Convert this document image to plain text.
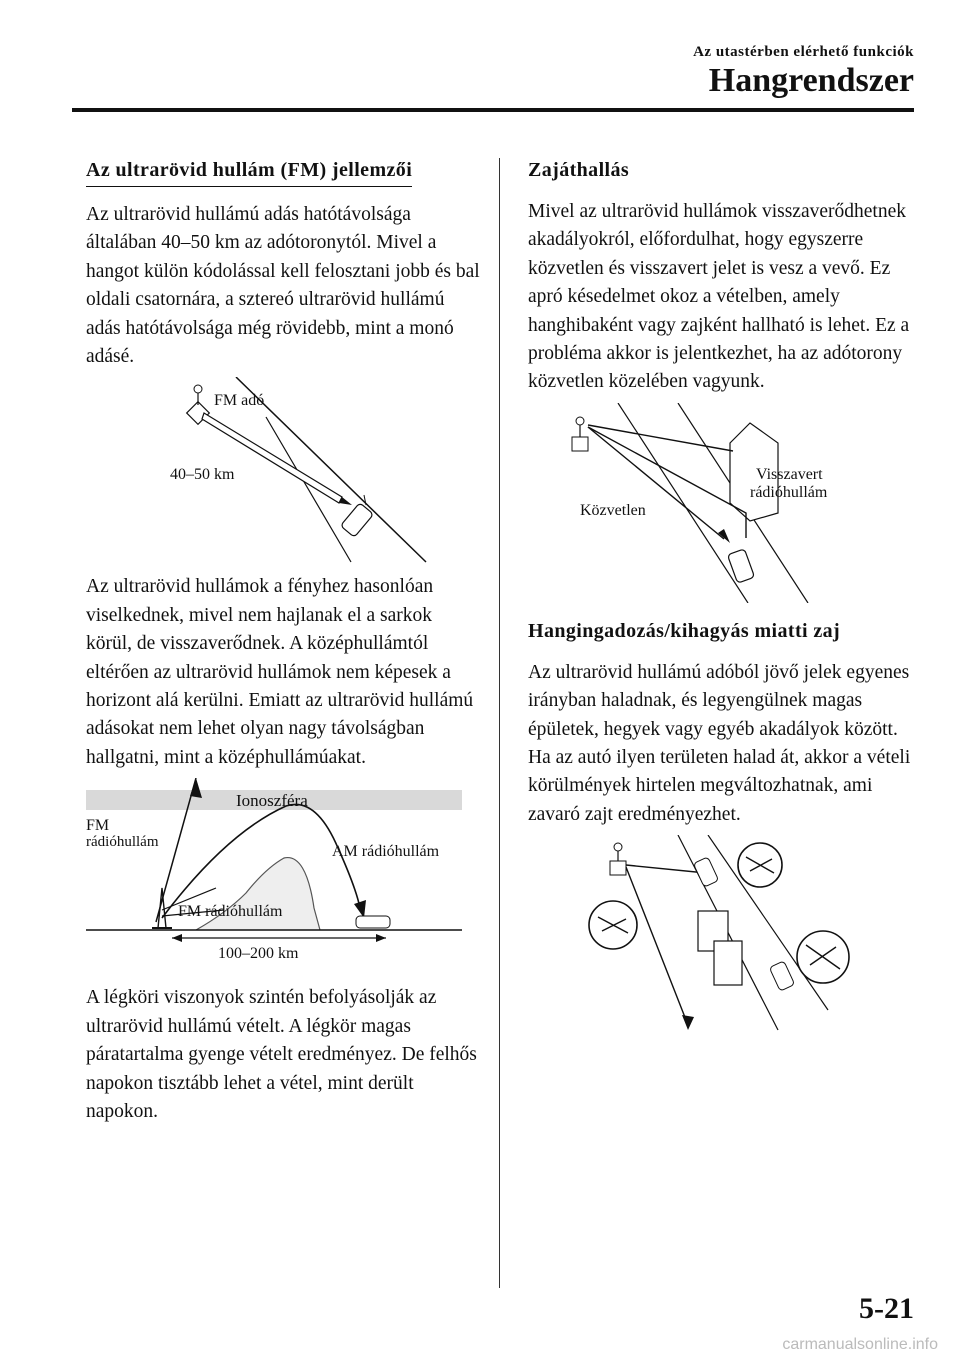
Az utastérben elérhető funkciók
Hangrendszer
Az ultrarövid hullám (FM) jellemzői

Az ultrarövid hullámú adás hatótávolsága általában 40–50 km az adótoronytól. Mivel a hangot külön kódolással kell felosztani jobb és bal oldali csatornára, a sztereó ultrarövid hullámú adás hatótávolsága még rövidebb, mint a monó adásé.

FM adó
40–50 km

Az ultrarövid hullámok a fényhez hasonlóan viselkednek, mivel nem hajlanak el a sarkok körül, de visszaverődnek. A középhullámtól eltérően az ultrarövid hullámok nem képesek a horizont alá kerülni. Emiatt az ultrarövid hullámú adásokat nem lehet olyan nagy távolságban hallgatni, mint a középhullámúakat.

Ionoszféra
FM
rádióhullám
AM rádióhullám
FM rádióhullám
100–200 km

A légköri viszonyok szintén befolyásolják az ultrarövid hullámú vételt. A légkör magas páratartalma gyenge vételt eredményez. De felhős napokon tisztább lehet a vétel, mint derült napokon.

Zajáthallás

Mivel az ultrarövid hullámok visszaverődhetnek akadályokról, előfordulhat, hogy egyszerre közvetlen és visszavert jelet is vesz a vevő. Ez apró késedelmet okoz a vételben, amely hanghibaként vagy zajként hallható is lehet. Ez a probléma akkor is jelentkezhet, ha az adótorony közvetlen közelében vagyunk.

Visszavert
rádióhullám
Közvetlen
Hangingadozás/kihagyás miatti zaj

Az ultrarövid hullámú adóból jövő jelek egyenes irányban haladnak, és legyengülnek magas épületek, hegyek vagy egyéb akadályok között. Ha az autó ilyen területen halad át, akkor a vételi körülmények hirtelen megváltozhatnak, ami zavaró zajt eredményezhet.

5-21
carmanualsonline.info
